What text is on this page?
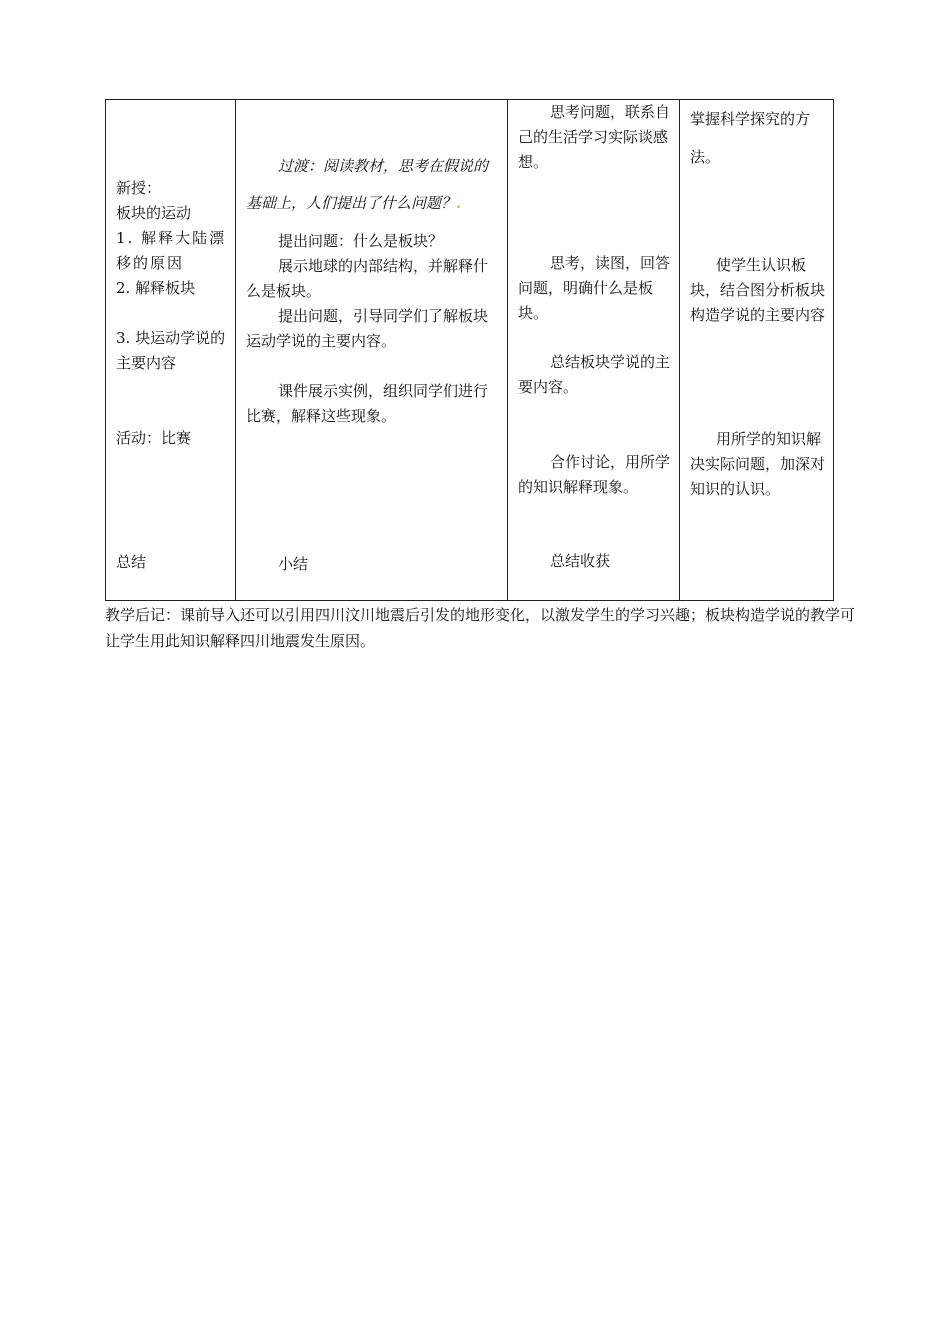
新授：
板块的运动
1. 解释大陆漂移的原因
2. 解释板块
3. 块运动学说的主要内容
活动：比赛
总结

过渡：阅读教材，思考在假说的基础上，人们提出了什么问题？.
提出问题：什么是板块？
展示地球的内部结构，并解释什么是板块。
提出问题，引导同学们了解板块运动学说的主要内容。
课件展示实例，组织同学们进行比赛，解释这些现象。
小结

思考问题，联系自己的生活学习实际谈感想。
思考，读图，回答问题，明确什么是板块。
总结板块学说的主要内容。
合作讨论，用所学的知识解释现象。
总结收获

掌握科学探究的方法。
使学生认识板块，结合图分析板块构造学说的主要内容
用所学的知识解决实际问题，加深对知识的认识。
教学后记：课前导入还可以引用四川汶川地震后引发的地形变化，以激发学生的学习兴趣；板块构造学说的教学可让学生用此知识解释四川地震发生原因。
